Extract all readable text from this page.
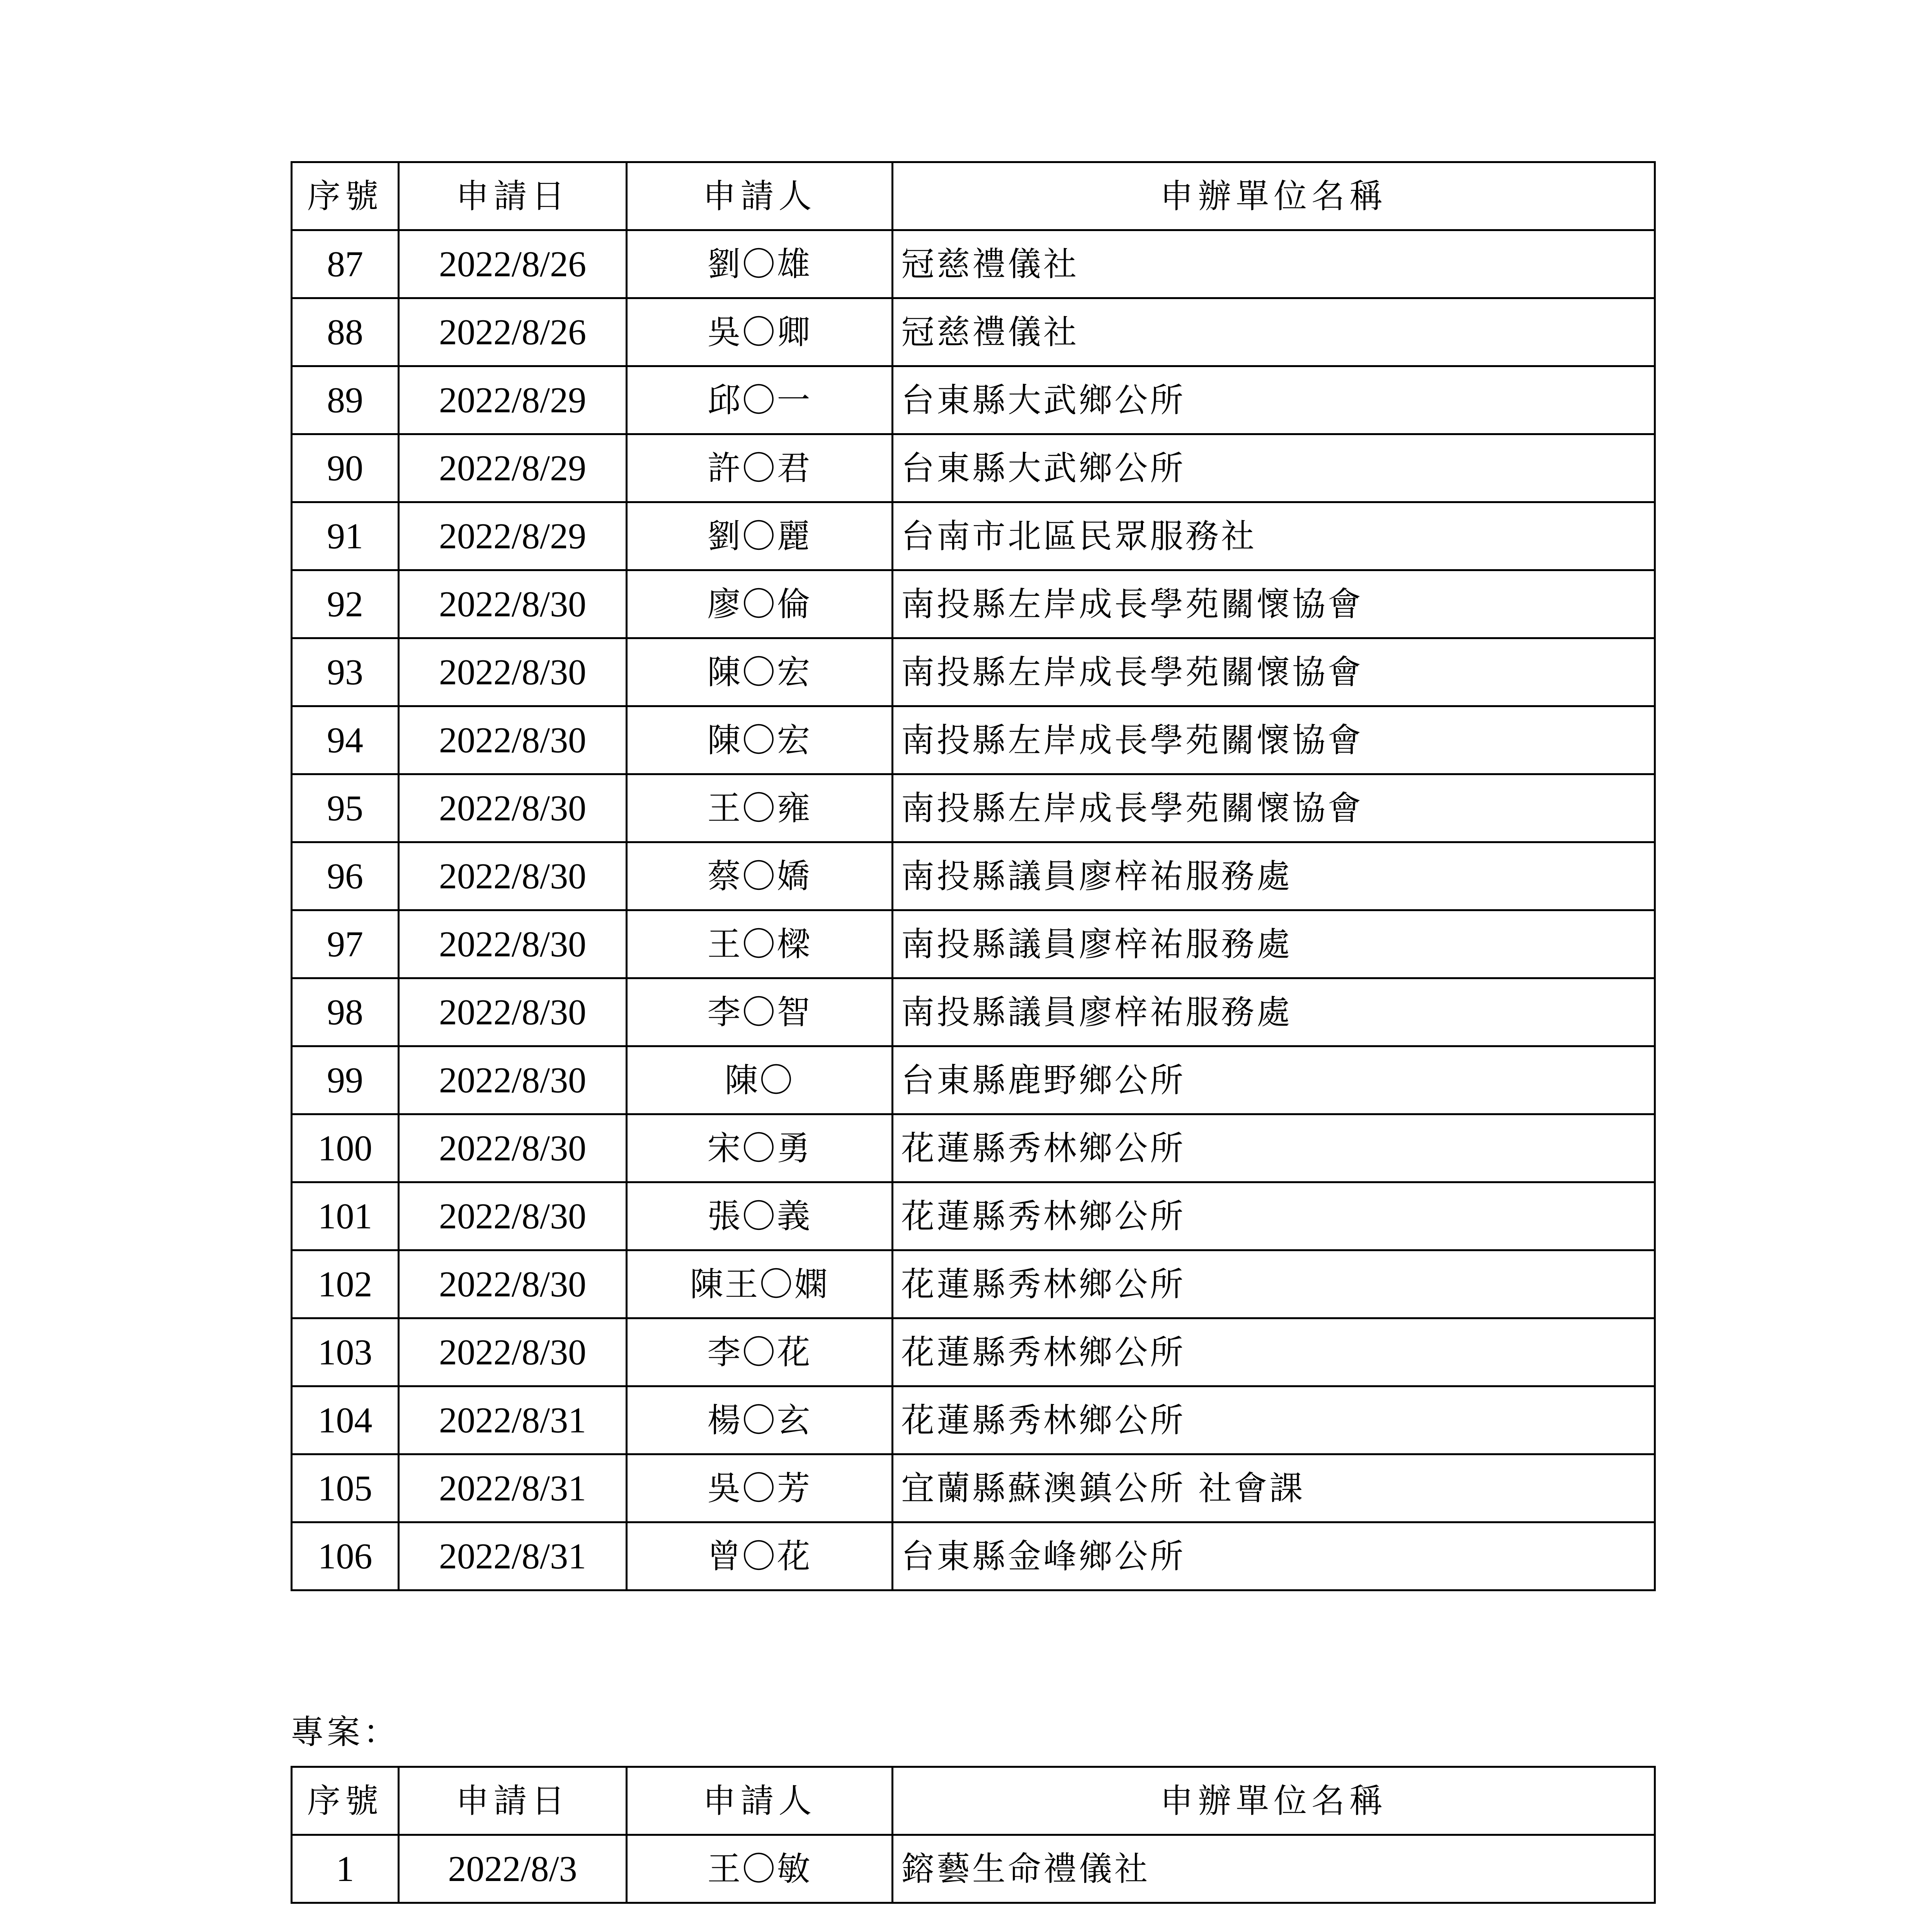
序號	申請日	申請人	申辦單位名稱
87	2022/8/26	劉〇雄	冠慈禮儀社
88	2022/8/26	吳〇卿	冠慈禮儀社
89	2022/8/29	邱〇一	台東縣大武鄉公所
90	2022/8/29	許〇君	台東縣大武鄉公所
91	2022/8/29	劉〇麗	台南市北區民眾服務社
92	2022/8/30	廖〇倫	南投縣左岸成長學苑關懷協會
93	2022/8/30	陳〇宏	南投縣左岸成長學苑關懷協會
94	2022/8/30	陳〇宏	南投縣左岸成長學苑關懷協會
95	2022/8/30	王〇雍	南投縣左岸成長學苑關懷協會
96	2022/8/30	蔡〇嬌	南投縣議員廖梓祐服務處
97	2022/8/30	王〇樑	南投縣議員廖梓祐服務處
98	2022/8/30	李〇智	南投縣議員廖梓祐服務處
99	2022/8/30	陳〇	台東縣鹿野鄉公所
100	2022/8/30	宋〇勇	花蓮縣秀林鄉公所
101	2022/8/30	張〇義	花蓮縣秀林鄉公所
102	2022/8/30	陳王〇嫻	花蓮縣秀林鄉公所
103	2022/8/30	李〇花	花蓮縣秀林鄉公所
104	2022/8/31	楊〇玄	花蓮縣秀林鄉公所
105	2022/8/31	吳〇芳	宜蘭縣蘇澳鎮公所 社會課
106	2022/8/31	曾〇花	台東縣金峰鄉公所
專案：
序號	申請日	申請人	申辦單位名稱
1	2022/8/3	王〇敏	鎔藝生命禮儀社
